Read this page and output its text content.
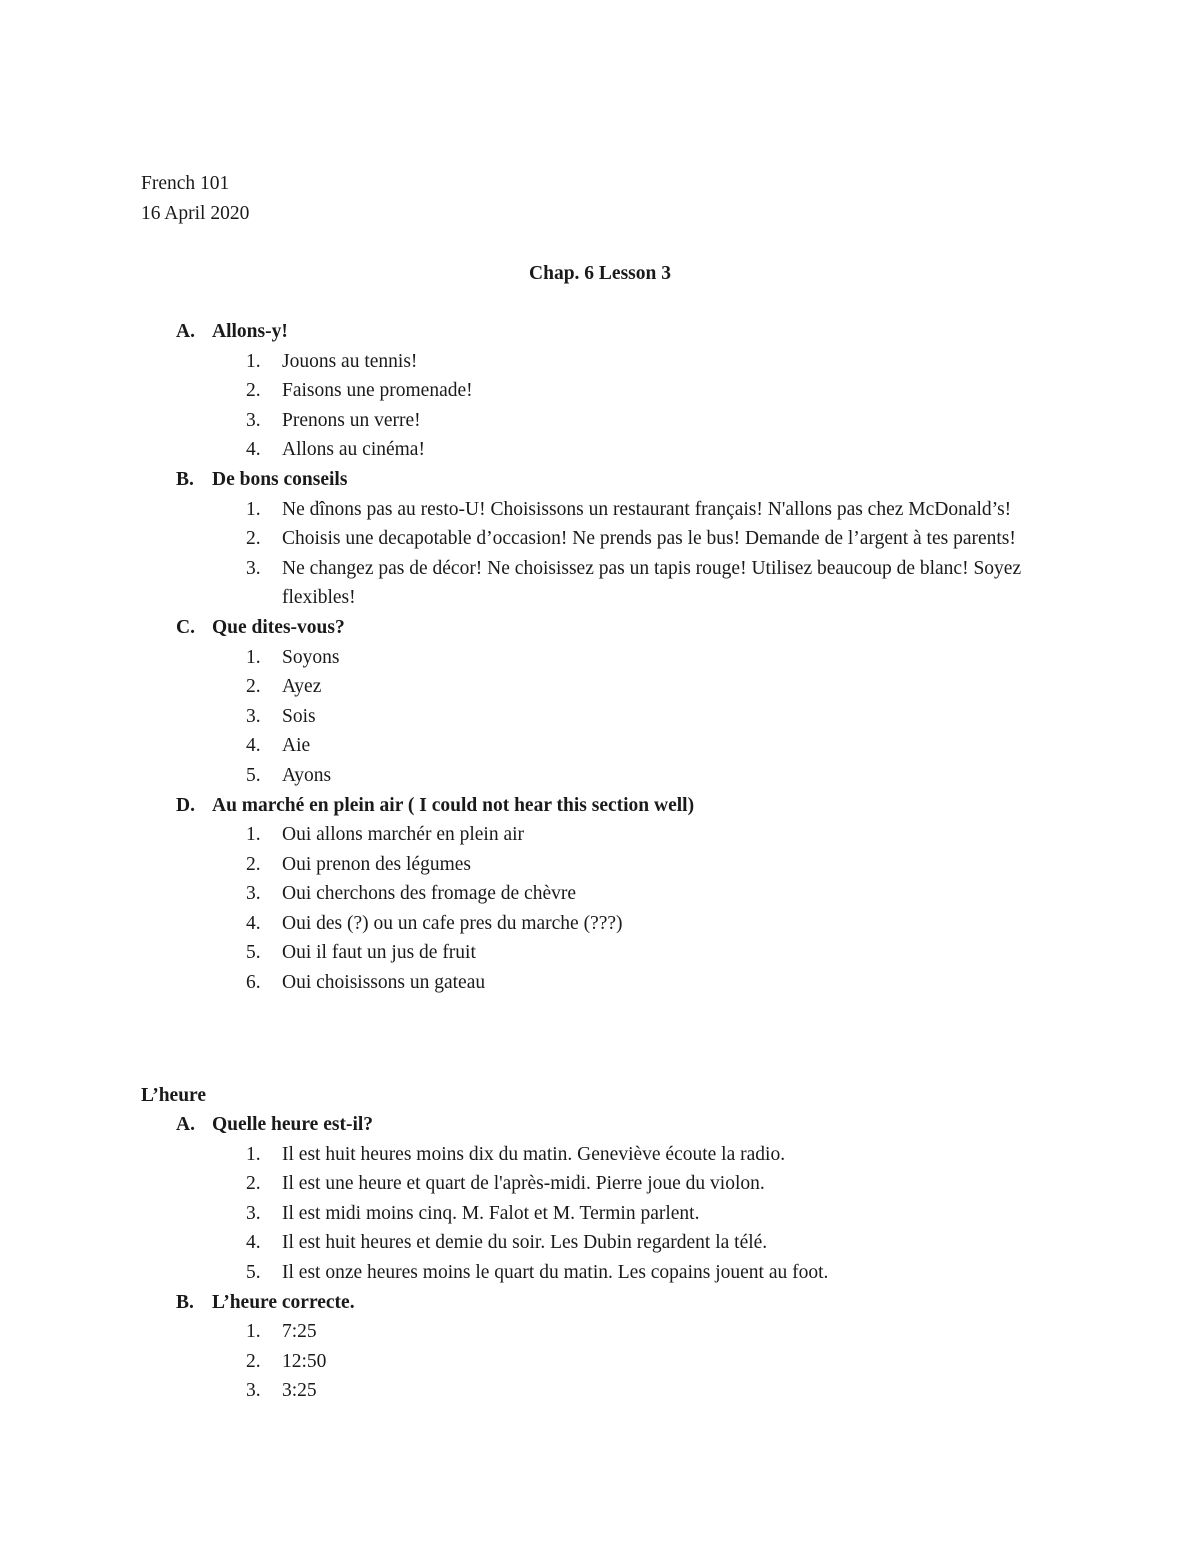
French 101
16 April 2020
Chap. 6 Lesson 3
A. Allons-y!
1. Jouons au tennis!
2. Faisons une promenade!
3. Prenons un verre!
4. Allons au cinéma!
B. De bons conseils
1. Ne dînons pas au resto-U! Choisissons un restaurant français! N'allons pas chez McDonald’s!
2. Choisis une decapotable d’occasion! Ne prends pas le bus! Demande de l’argent à tes parents!
3. Ne changez pas de décor! Ne choisissez pas un tapis rouge! Utilisez beaucoup de blanc! Soyez flexibles!
C. Que dites-vous?
1. Soyons
2. Ayez
3. Sois
4. Aie
5. Ayons
D. Au marché en plein air ( I could not hear this section well)
1. Oui allons marchér en plein air
2. Oui prenon des légumes
3. Oui cherchons des fromage de chèvre
4. Oui des (?) ou un cafe pres du marche (???)
5. Oui il faut un jus de fruit
6. Oui choisissons un gateau
L’heure
A. Quelle heure est-il?
1. Il est huit heures moins dix du matin. Geneviève écoute la radio.
2. Il est une heure et quart de l'après-midi. Pierre joue du violon.
3. Il est midi moins cinq. M. Falot et M. Termin parlent.
4. Il est huit heures et demie du soir. Les Dubin regardent la télé.
5. Il est onze heures moins le quart du matin. Les copains jouent au foot.
B. L’heure correcte.
1. 7:25
2. 12:50
3. 3:25
